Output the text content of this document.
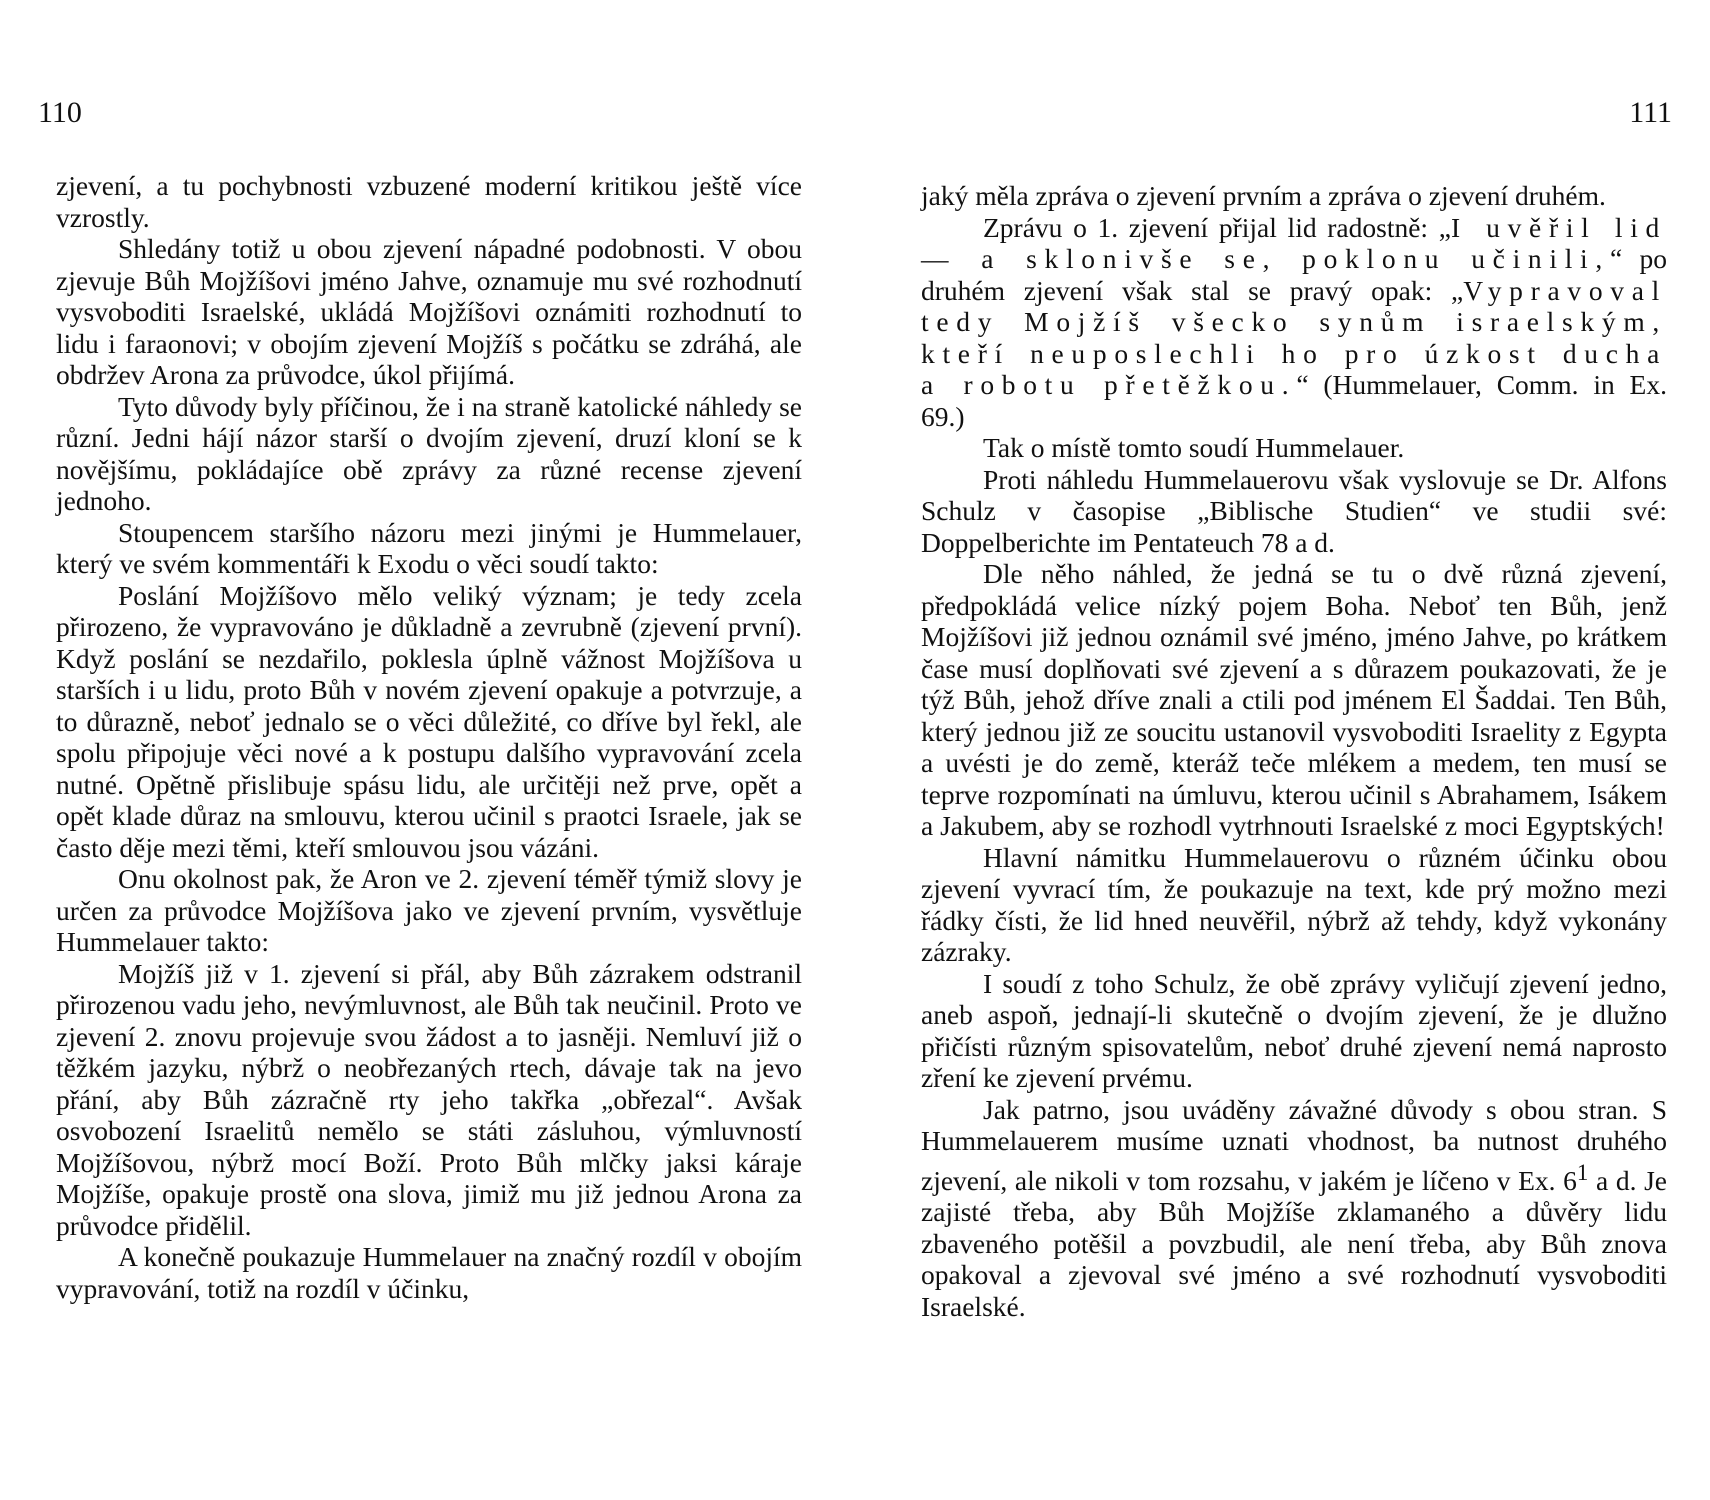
110

zjevení, a tu pochybnosti vzbuzené moderní kritikou ještě více vzrostly.

Shledány totiž u obou zjevení nápadné podobnosti. V obou zjevuje Bůh Mojžíšovi jméno Jahve, oznamuje mu své rozhodnutí vysvoboditi Israelské, ukládá Mojžíšovi oznámiti rozhodnutí to lidu i faraonovi; v obojím zjevení Mojžíš s počátku se zdráhá, ale obdržev Arona za průvodce, úkol přijímá.

Tyto důvody byly příčinou, že i na straně katolické náhledy se různí. Jedni hájí názor starší o dvojím zjevení, druzí kloní se k novějšímu, pokládajíce obě zprávy za různé recense zjevení jednoho.

Stoupencem staršího názoru mezi jinými je Hummelauer, který ve svém kommentáři k Exodu o věci soudí takto:

Poslání Mojžíšovo mělo veliký význam; je tedy zcela přirozeno, že vypravováno je důkladně a zevrubně (zjevení první). Když poslání se nezdařilo, poklesla úplně vážnost Mojžíšova u starších i u lidu, proto Bůh v novém zjevení opakuje a potvrzuje, a to důrazně, neboť jednalo se o věci důležité, co dříve byl řekl, ale spolu připojuje věci nové a k postupu dalšího vypravování zcela nutné. Opětně přislibuje spásu lidu, ale určitěji než prve, opět a opět klade důraz na smlouvu, kterou učinil s praotci Israele, jak se často děje mezi těmi, kteří smlouvou jsou vázáni.

Onu okolnost pak, že Aron ve 2. zjevení téměř týmiž slovy je určen za průvodce Mojžíšova jako ve zjevení prvním, vysvětluje Hummelauer takto:

Mojžíš již v 1. zjevení si přál, aby Bůh zázrakem odstranil přirozenou vadu jeho, nevýmluvnost, ale Bůh tak neučinil. Proto ve zjevení 2. znovu projevuje svou žádost a to jasněji. Nemluví již o těžkém jazyku, nýbrž o neobřezaných rtech, dávaje tak na jevo přání, aby Bůh zázračně rty jeho takřka „obřezal“. Avšak osvobození Israelitů nemělo se státi zásluhou, výmluvností Mojžíšovou, nýbrž mocí Boží. Proto Bůh mlčky jaksi káraje Mojžíše, opakuje prostě ona slova, jimiž mu již jednou Arona za průvodce přidělil.

A konečně poukazuje Hummelauer na značný rozdíl v obojím vypravování, totiž na rozdíl v účinku,

111

jaký měla zpráva o zjevení prvním a zpráva o zjevení druhém.

Zprávu o 1. zjevení přijal lid radostně: „I uvěřil lid — a sklonivše se, poklonu učinili,“ po druhém zjevení však stal se pravý opak: „Vypravoval tedy Mojžíš všecko synům israelským, kteří neuposlechli ho pro úzkost ducha a robotu přetěžkou.“ (Hummelauer, Comm. in Ex. 69.)

Tak o místě tomto soudí Hummelauer.

Proti náhledu Hummelauerovu však vyslovuje se Dr. Alfons Schulz v časopise „Biblische Studien“ ve studii své: Doppelberichte im Pentateuch 78 a d.

Dle něho náhled, že jedná se tu o dvě různá zjevení, předpokládá velice nízký pojem Boha. Neboť ten Bůh, jenž Mojžíšovi již jednou oznámil své jméno, jméno Jahve, po krátkem čase musí doplňovati své zjevení a s důrazem poukazovati, že je týž Bůh, jehož dříve znali a ctili pod jménem El Šaddai. Ten Bůh, který jednou již ze soucitu ustanovil vysvoboditi Israelity z Egypta a uvésti je do země, kteráž teče mlékem a medem, ten musí se teprve rozpomínati na úmluvu, kterou učinil s Abrahamem, Isákem a Jakubem, aby se rozhodl vytrhnouti Israelské z moci Egyptských!

Hlavní námitku Hummelauerovu o různém účinku obou zjevení vyvrací tím, že poukazuje na text, kde prý možno mezi řádky čísti, že lid hned neuvěřil, nýbrž až tehdy, když vykonány zázraky.

I soudí z toho Schulz, že obě zprávy vyličují zjevení jedno, aneb aspoň, jednají-li skutečně o dvojím zjevení, že je dlužno přičísti různým spisovatelům, neboť druhé zjevení nemá naprosto zření ke zjevení prvému.

Jak patrno, jsou uváděny závažné důvody s obou stran. S Hummelauerem musíme uznati vhodnost, ba nutnost druhého zjevení, ale nikoli v tom rozsahu, v jakém je líčeno v Ex. $6^1$ a d. Je zajisté třeba, aby Bůh Mojžíše zklamaného a důvěry lidu zbaveného potěšil a povzbudil, ale není třeba, aby Bůh znova opakoval a zjevoval své jméno a své rozhodnutí vysvoboditi Israelské.
